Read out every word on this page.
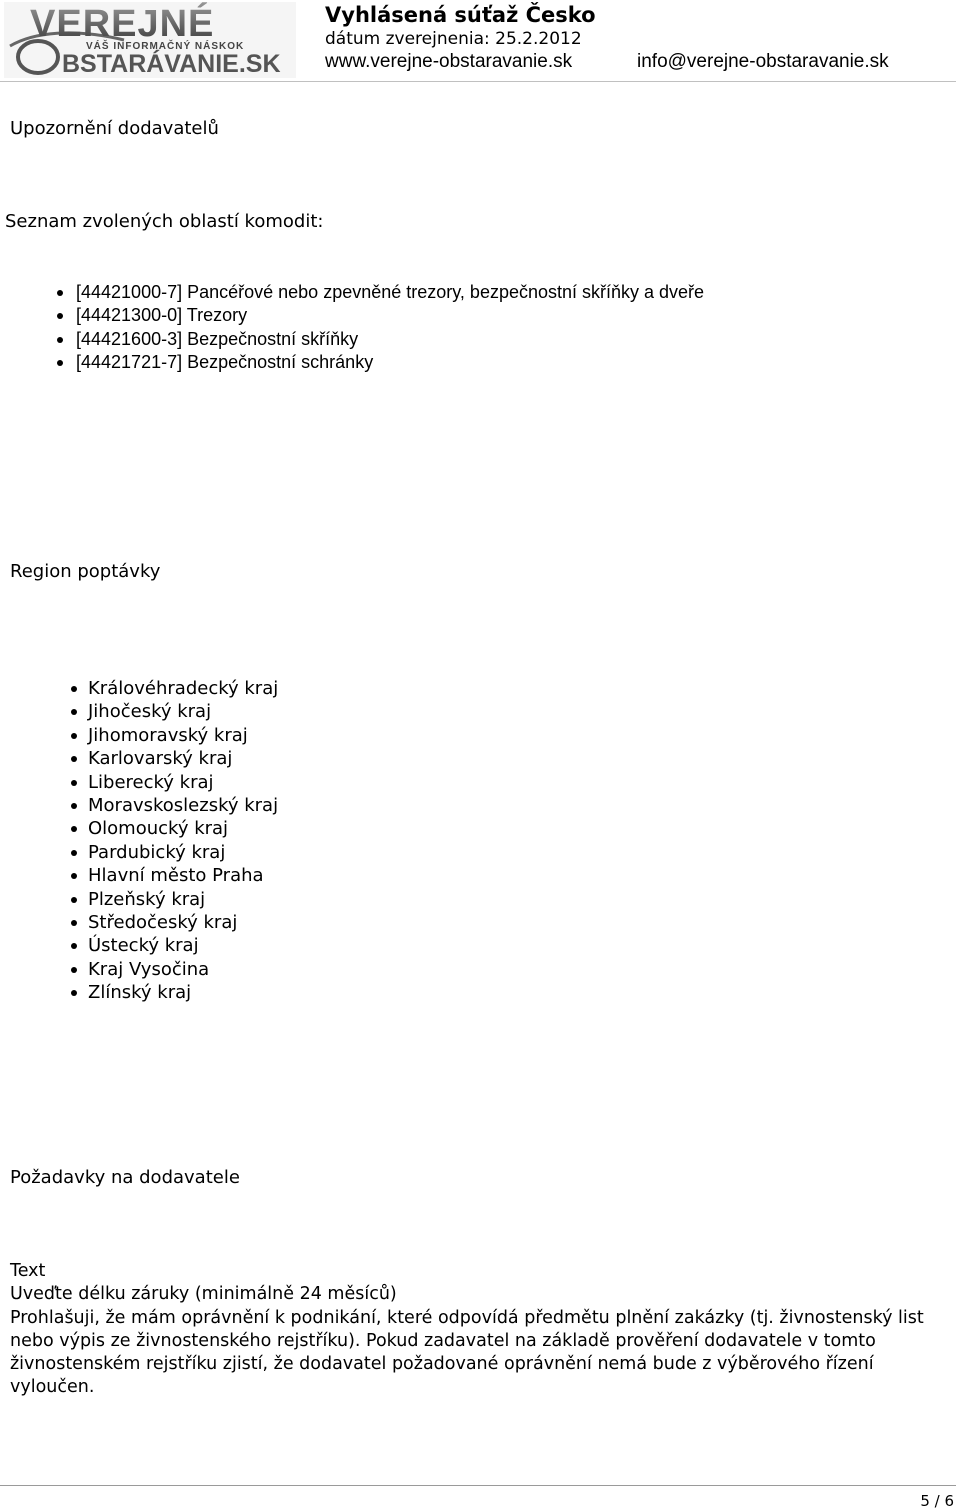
VEREJNÉ
VÁŠ INFORMAČNÝ NÁSKOK
BSTARÁVANIE.SK
Vyhlásená súťaž Česko
dátum zverejnenia: 25.2.2012
www.verejne-obstaravanie.sk	info@verejne-obstaravanie.sk
Upozornění dodavatelů
Seznam zvolených oblastí komodit:
[44421000-7] Pancéřové nebo zpevněné trezory, bezpečnostní skříňky a dveře
[44421300-0] Trezory
[44421600-3] Bezpečnostní skříňky
[44421721-7] Bezpečnostní schránky
Region poptávky
Královéhradecký kraj
Jihočeský kraj
Jihomoravský kraj
Karlovarský kraj
Liberecký kraj
Moravskoslezský kraj
Olomoucký kraj
Pardubický kraj
Hlavní město Praha
Plzeňský kraj
Středočeský kraj
Ústecký kraj
Kraj Vysočina
Zlínský kraj
Požadavky na dodavatele

Text

Uveďte délku záruky (minimálně 24 měsíců)

Prohlašuji, že mám oprávnění k podnikání, které odpovídá předmětu plnění zakázky (tj. živnostenský list nebo výpis ze živnostenského rejstříku). Pokud zadavatel na základě prověření dodavatele v tomto živnostenském rejstříku zjistí, že dodavatel požadované oprávnění nemá bude z výběrového řízení vyloučen.

5 / 6
